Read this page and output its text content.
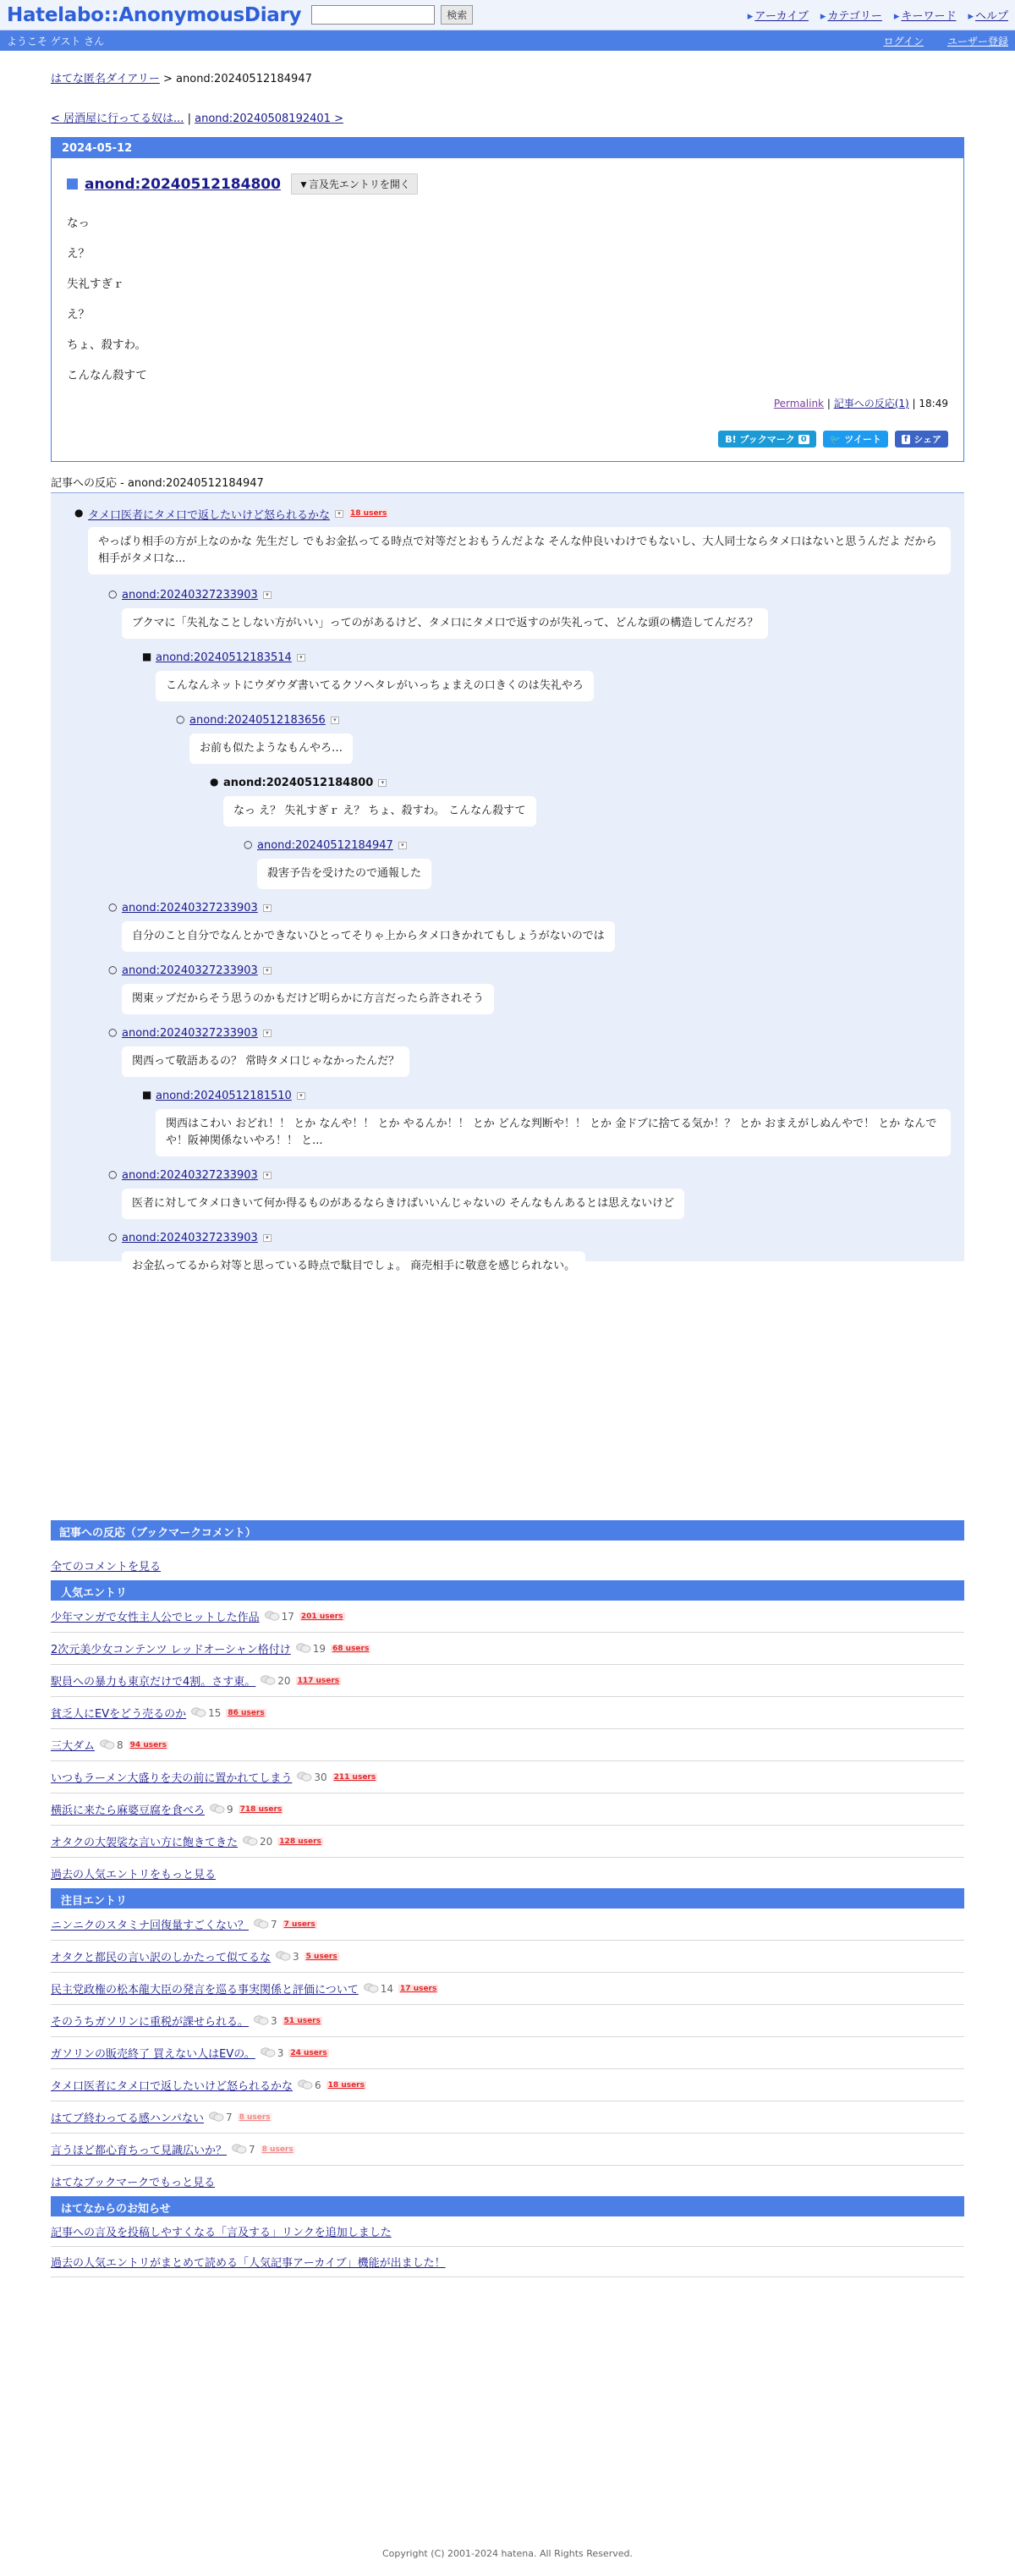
Hatelabo::AnonymousDiary	検索	▸ アーカイブ	▸ カテゴリー	▸ キーワード	▸ ヘルプ
ようこそ ゲスト さん	ログイン ユーザー登録
はてな匿名ダイアリー > anond:20240512184947
< 居酒屋に行ってる奴は... | anond:20240508192401 >
2024-05-12
anond:20240512184800	▼言及先エントリを開く

なっ

え？

失礼すぎｒ

え？

ちょ、殺すわ。

こんなん殺すて

Permalink | 記事への反応(1) | 18:49
B! ブックマーク 0 🐦 ツイート	f シェア
記事への反応 - anond:20240512184947
● タメ口医者にタメ口で返したいけど怒られるかな	▾	18 users
やっぱり相手の方が上なのかな 先生だし でもお金払ってる時点で対等だとおもうんだよな そんな仲良いわけでもないし、大人同士ならタメ口はないと思うんだよ だから相手がタメ口な...
○ anond:20240327233903	▾
ブクマに「失礼なことしない方がいい」ってのがあるけど、タメ口にタメ口で返すのが失礼って、どんな頭の構造してんだろ？
■ anond:20240512183514	▾
こんなんネットにウダウダ書いてるクソヘタレがいっちょまえの口きくのは失礼やろ
○ anond:20240512183656	▾
お前も似たようなもんやろ…
● anond:20240512184800	▾
なっ え？ 失礼すぎｒ え？ ちょ、殺すわ。 こんなん殺すて
○ anond:20240512184947	▾
殺害予告を受けたので通報した
○ anond:20240327233903	▾
自分のこと自分でなんとかできないひとってそりゃ上からタメ口きかれてもしょうがないのでは
○ anond:20240327233903	▾
関東ッブだからそう思うのかもだけど明らかに方言だったら許されそう
○ anond:20240327233903	▾
関西って敬語あるの？ 常時タメ口じゃなかったんだ？
■ anond:20240512181510	▾
関西はこわい おどれ！！ とか なんや！！ とか やるんか！！ とか どんな判断や！！ とか 金ドブに捨てる気か！？ とか おまえがしぬんやで！ とか なんでや！阪神関係ないやろ！！ と...
○ anond:20240327233903	▾
医者に対してタメ口きいて何か得るものがあるならきけばいいんじゃないの そんなもんあるとは思えないけど
○ anond:20240327233903	▾
お金払ってるから対等と思っている時点で駄目でしょ。 商売相手に敬意を感じられない。
記事への反応（ブックマークコメント）
全てのコメントを見る
人気エントリ
少年マンガで女性主人公でヒットした作品 17 201 users
2次元美少女コンテンツ レッドオーシャン格付け 19 68 users
駅員への暴力も東京だけで4割。さす東。 20 117 users
貧乏人にEVをどう売るのか 15 86 users
三大ダム 8 94 users
いつもラーメン大盛りを夫の前に置かれてしまう 30 211 users
横浜に来たら麻婆豆腐を食べろ 9 718 users
オタクの大袈裟な言い方に飽きてきた 20 128 users
過去の人気エントリをもっと見る
注目エントリ
ニンニクのスタミナ回復量すごくない？ 7 7 users
オタクと都民の言い訳のしかたって似てるな 3 5 users
民主党政権の松本龍大臣の発言を巡る事実関係と評価について 14 17 users
そのうちガソリンに重税が課せられる。 3 51 users
ガソリンの販売終了 買えない人はEVの。 3 24 users
タメ口医者にタメ口で返したいけど怒られるかな 6 18 users
はてブ終わってる感ハンパない 7 8 users
言うほど都心育ちって見識広いか？ 7 8 users
はてなブックマークでもっと見る
はてなからのお知らせ
記事への言及を投稿しやすくなる「言及する」リンクを追加しました
過去の人気エントリがまとめて読める「人気記事アーカイブ」機能が出ました！
Copyright (C) 2001-2024 hatena. All Rights Reserved.
